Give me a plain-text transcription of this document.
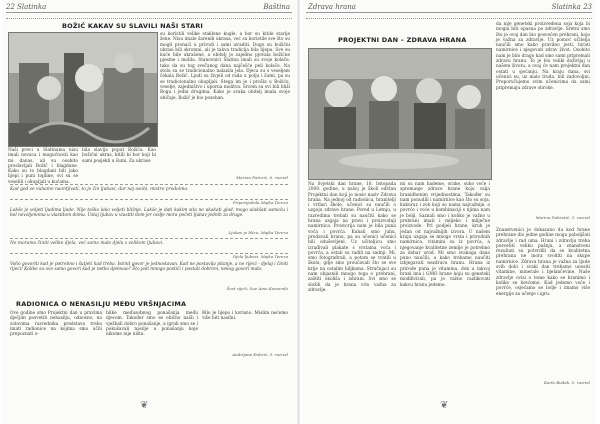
22 Slatinka	Baština
BOŽIĆ KAKAV SU SLAVILI NAŠI STARI
Naši preci u Slatinama nisu imali novaca i mogućnosti kao mi danas, ali su osobito proslavljali Božić i blagdane. Kako su to blagdani bili jako lijepi i puni topline, svi su se veselili i okupljali u kućama.
bila slavlja poput Božića. Kao božićni ukras, kitili bi bor koji bi sami posjekli u šumi. Za ukrase
su koristili velike staklene kugle, a bor su kitile starije žene. Nisu imale šarenih ukrasa, već su koristile sve što su mogli pronaći u prirodi i sami izraditi. Dugo su božićni ukrasi bili skromni, ali je takva tradicija bila lijepa. Sve su kuće bile ukrašene, a obitelj je zajedno pjevala božićne pjesme i molila. Stanovnici Slatina imali su svoje kolače, tako da su tog svečanog dana najčešće peli kolače. Na stolu su se tradicionalno nalazila jela. Djeca su s veseljem čekala Božić. Ljudi su živjeli od rada u polju i šumi, pa su se tradicionalno okupljali. Stega im je i prošla u Božiću, veselje, zajedništvo i uporna molitva. Srcem su svi bili bliži Bogu i jedni drugima. Kako je svaka obitelj imala svoje običaje, Božić je bio poseban.
Marina Pažurić, 6. razred
Kad god se vuhamo naontjivati, to je čin ljubavi, dar naj osobi, mistro prodoima.
Pripovijedala Majka Tereza
Lakše je voljeti ljudima ljude. Nije teško lako voljeti bližnje. Lakše je dati kakim sita ne ukakati glad, mogo ulakšati samoću i bol nevoljenoma u vlastitom domu. Ustaj ljubav u vlastiti dom jer ovdje mora početi ljubav jednih za druge.
Ljubav je blizu, Majka Tereza
Ne moramo činiti velike djela, već samo male djela s velikom ljubavi.
Djela ljubavi, Majka Tereza
Volio govoriti kad je potrebno i šutjeti kad treba. Istinit govor je jednostavan. Kad ne postavlja pitanje, a ne rijeci - djelaj i činiti rijeci! Kolike su ove samo govori kad je netko djelovao? Što jedi mnogo postići i postati dobrom, nekog govori malo.
Šest riječi, Sue Ame Komorski
RADIONICA O NENASILJU MEĐU VRŠNJACIMA
Ove godine smo Projektni dan u pravima dječjim posvetili nenasilju, odnosno, na satovima razrednika predstava treba imati radionice na kojima smo učili prepoznati o-
blike međusobnog ponašanja među djecom. Također smo se obično našli i vježbali dobro ponašanje, a igrali smo se i pokušavali nasilje u ponašanju koje nikome nije ništa.
Bilo je lijepo i korisno. Mislim nećemo više biti nasilni.
Andrijana Đubrić, 5. razred
❦
Zdrava hrana	Slatinka 23
PROJEKTNI DAN – ZDRAVA HRANA
Na Svjetski dan hrane, 16. listopada 2009. godine, u našoj je školi održan Projektni dan koji je nosio naziv Zdrava hrana. Na jednoj od radionica, hranitelji i vrtlari škole, učenici su naučili o uzgoju zdrave hrane. Pored u Letnju, u razredima trebali su naučiti kako se hrana uzgaja na pravi i proizvodnji namirnica. Prostorija nam je bila puna voća i povrća. Kuhali smo juhu, prodavali hranu, pa su učenici učenici bili oduševljeni. Uz učiteljicu smo izrađivali plakate s vrstama voća i povrća, a ostali su radili na sadnji. Mi, smo fotografirali, a potom se vratili u školu, gdje smo proučavali što se sve krije na ostalim biljkama. Stručnjaci su nam objasnili mnogo toga o prehrani, zaštiti okoliša i ishrani. Svi smo se složili da je hrana vrlo važna za zdravlje.
mi su nam bademe, orahe, suho voće i spremanje zdrave hrane koju valja hranidbenim vrijednostima. Također su nam ponudili i namirnice kao što su soja, kukuruz i zob koji su nama najvažnije, a povrće i voće u kombinaciji s njima nam je bolji. Saznali smo i koliko je važno u prehrani imati i mlijeko i mliječne proizvode. Pri podjeli hrane, kruh je jedan od najvažnijih izvora. U našem kraju uzgaja se mnogo vrsta i prirodnih namirnica, vitamini su iz povrća, a njegovanje kvalitetne zemlje je potrebno za dobar urod. Mi smo svakoga dana puno naučili, a kako trebamo naučiti izbjegavati nezdravu hranu. Hrana iz prirode puna je vitamina, dok u takvoj hrani ima i GMO hrane koju su genetski modificirali, pa je važno razlikovati kakvu hranu jedemo.
da nije genetski proizvedena soja koja bi mogla biti opasna po zdravlje. Sretni smo što je ovaj dan bio posvećen prehrani, koja je važna za zdravlje. Uz pomoć učitelja naučili smo kako pravilno jesti, birati namirnice i njegovati zdrav život. Osobito nam je bilo drago kad smo sami pripremali zdravu hranu. To je bio veliki doživljaj u našem životu, a ovaj će nam projektni dan ostati u sjećanju. Na kraju dana, svi učenici su, uz malo truda, bili zadovoljni. Preporučujemo svim učenicima da sami pripremaju zdrave obroke.
Marina Dobrotić, 5. razred
Znanstvenici je dokazano da kod hrane prehrane dio jedne godine mogu poboljšati zdravlje i rad uma. Hrani i zdravlju treba posvetiti veliku pažnju, a znanstveni rezultati su potvrdili da se kvalitetna prehrana ne mora svoditi na skupe namirnice. Zdrava hrana je važna za ljude svih dobi i svaki dan trebamo unositi vitamine, minerale i bjelančevine. Naše zdravlje ovisi o tome kako se hranimo i koliko se krećemo. Kad jedemo voće i povrće, osjećamo se bolje i imamo više energije za učenje i igru.
Karlo Budak, 5. razred
❦
